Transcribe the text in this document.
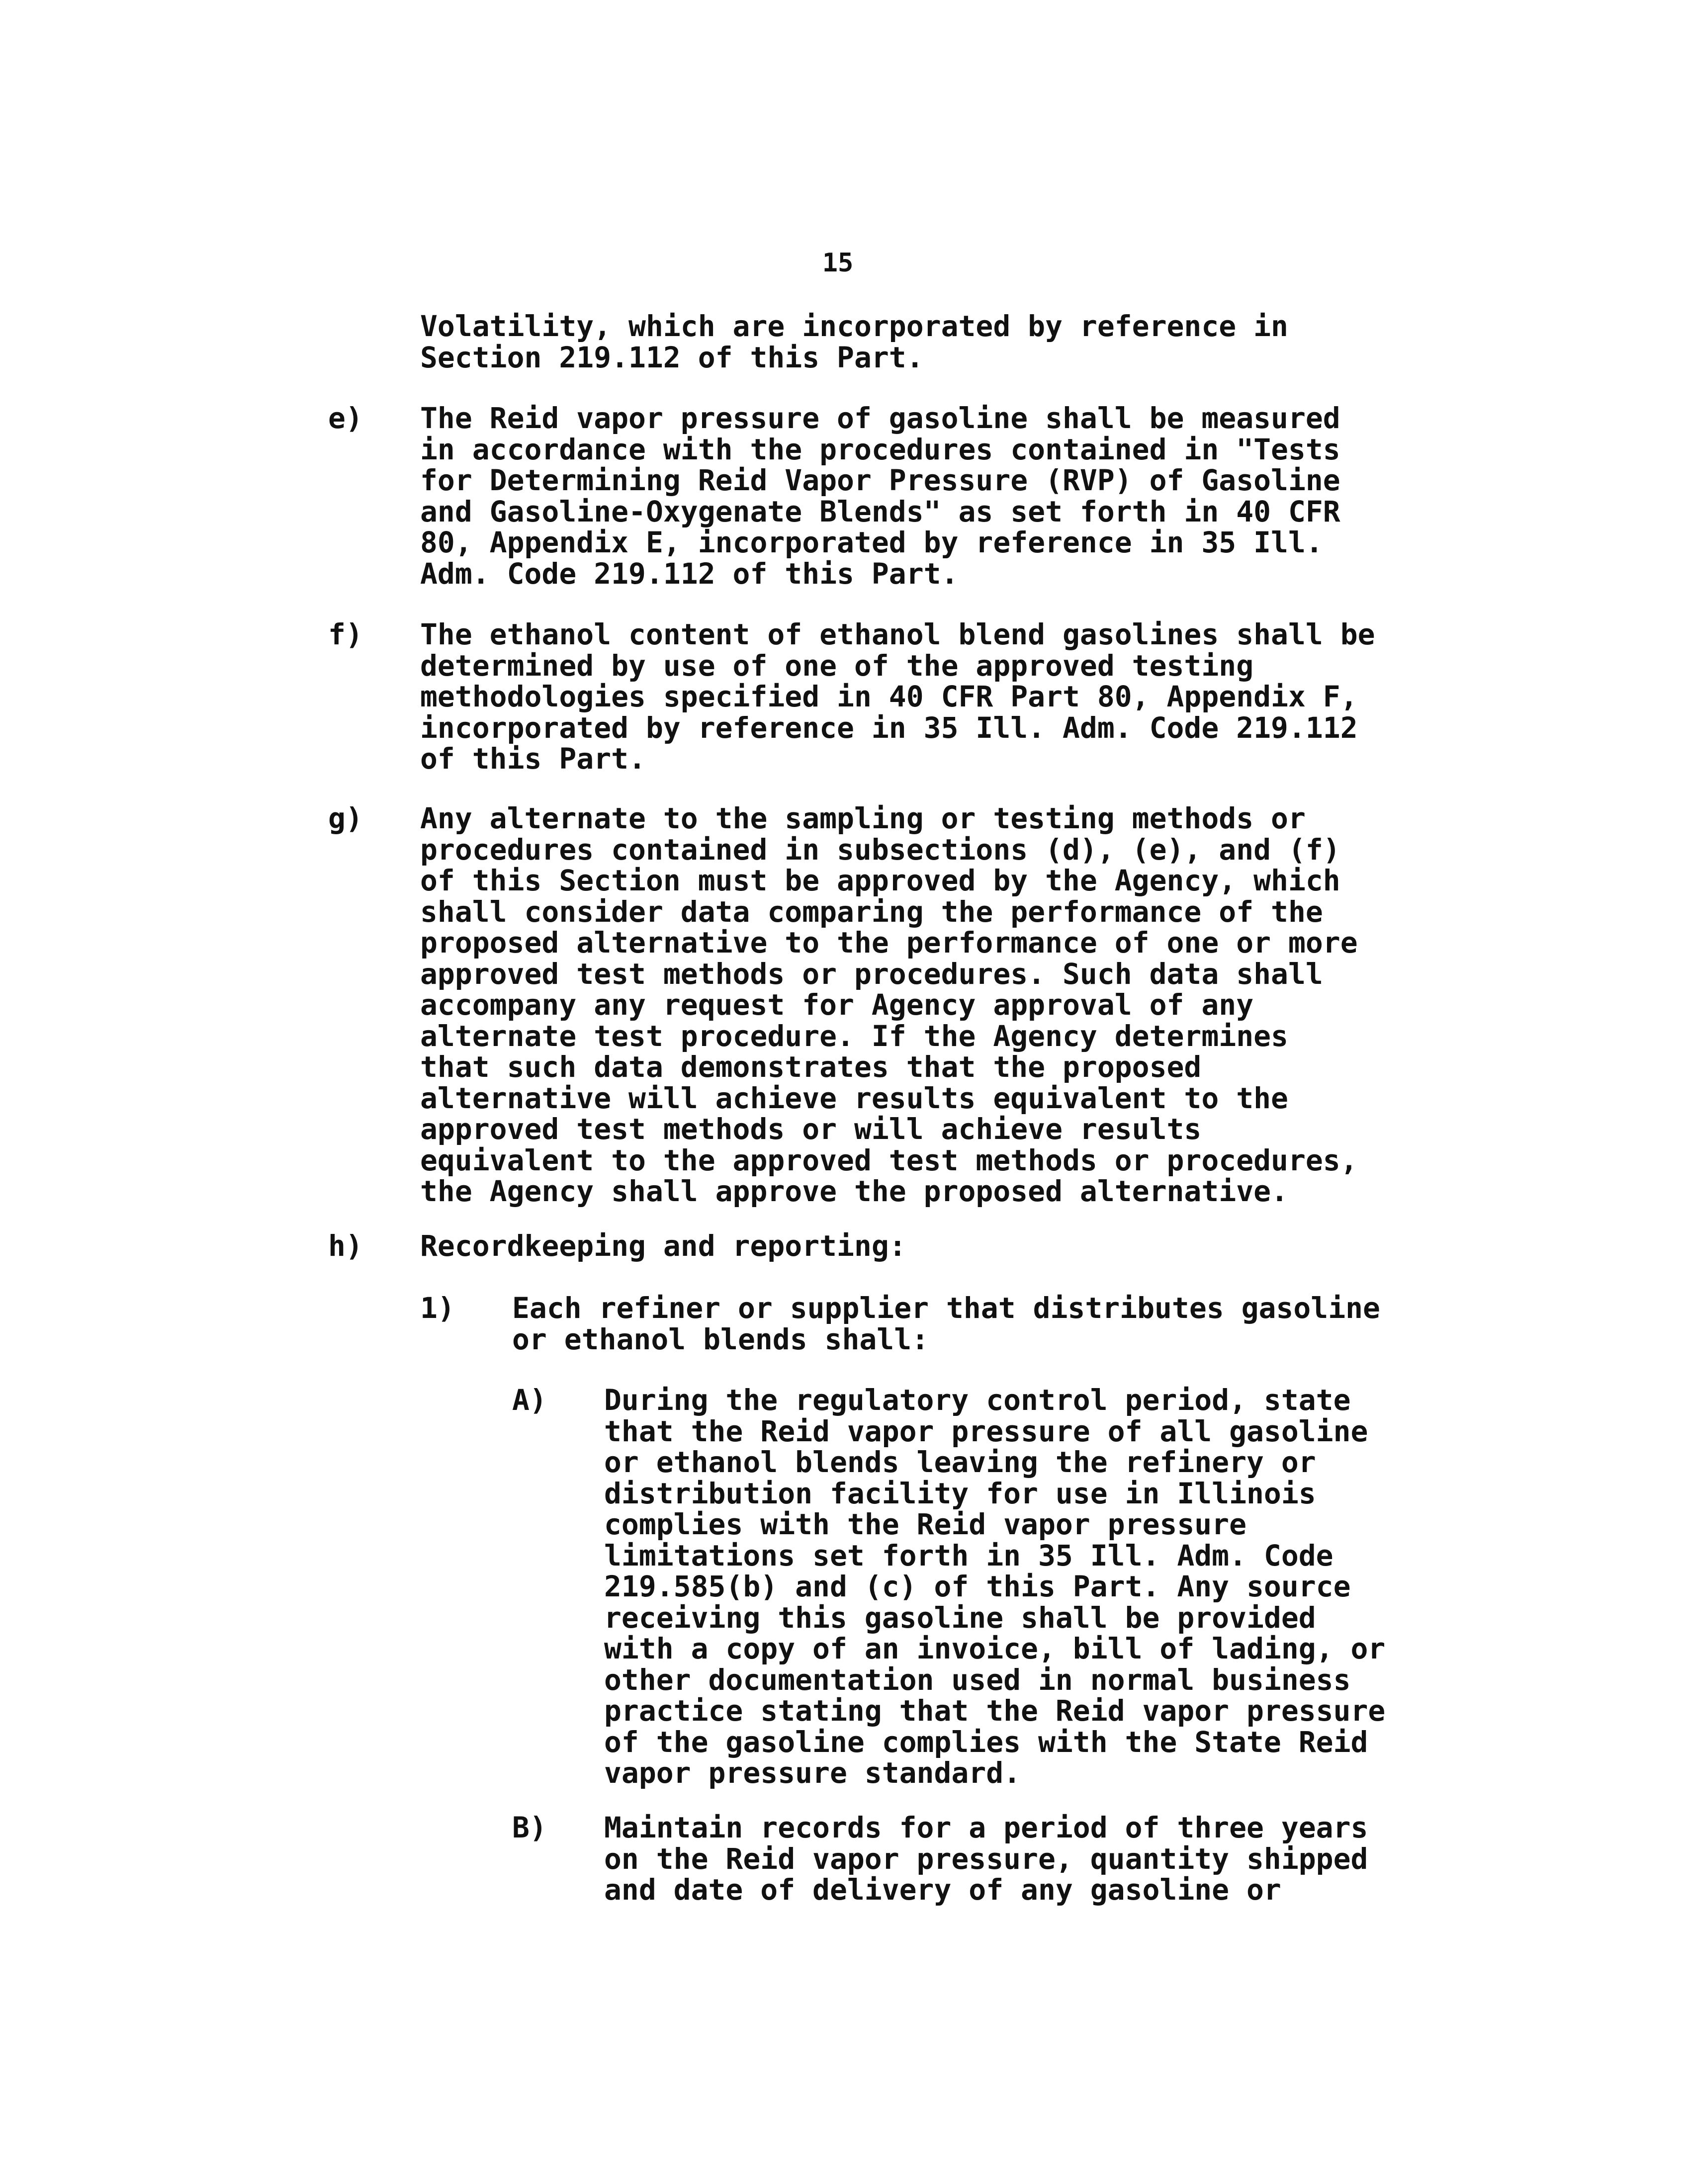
15
Volatility, which are incorporated by reference in
Section 219.112 of this Part.
e) The Reid vapor pressure of gasoline shall be measured
in accordance with the procedures contained in "Tests
for Determining Reid Vapor Pressure (RVP) of Gasoline
and Gasoline-Oxygenate Blends" as set forth in 40 CFR
80, Appendix E, incorporated by reference in 35 Ill.
Adm. Code 219.112 of this Part.
f) The ethanol content of ethanol blend gasolines shall be
determined by use of one of the approved testing
methodologies specified in 40 CFR Part 80, Appendix F,
incorporated by reference in 35 Ill. Adm. Code 219.112
of this Part.
g) Any alternate to the sampling or testing methods or
procedures contained in subsections (d), (e), and (f)
of this Section must be approved by the Agency, which
shall consider data comparing the performance of the
proposed alternative to the performance of one or more
approved test methods or procedures. Such data shall
accompany any request for Agency approval of any
alternate test procedure. If the Agency determines
that such data demonstrates that the proposed
alternative will achieve results equivalent to the
approved test methods or will achieve results
equivalent to the approved test methods or procedures,
the Agency shall approve the proposed alternative.
h) Recordkeeping and reporting:
1) Each refiner or supplier that distributes gasoline
or ethanol blends shall:
A) During the regulatory control period, state
that the Reid vapor pressure of all gasoline
or ethanol blends leaving the refinery or
distribution facility for use in Illinois
complies with the Reid vapor pressure
limitations set forth in 35 Ill. Adm. Code
219.585(b) and (c) of this Part. Any source
receiving this gasoline shall be provided
with a copy of an invoice, bill of lading, or
other documentation used in normal business
practice stating that the Reid vapor pressure
of the gasoline complies with the State Reid
vapor pressure standard.
B) Maintain records for a period of three years
on the Reid vapor pressure, quantity shipped
and date of delivery of any gasoline or
